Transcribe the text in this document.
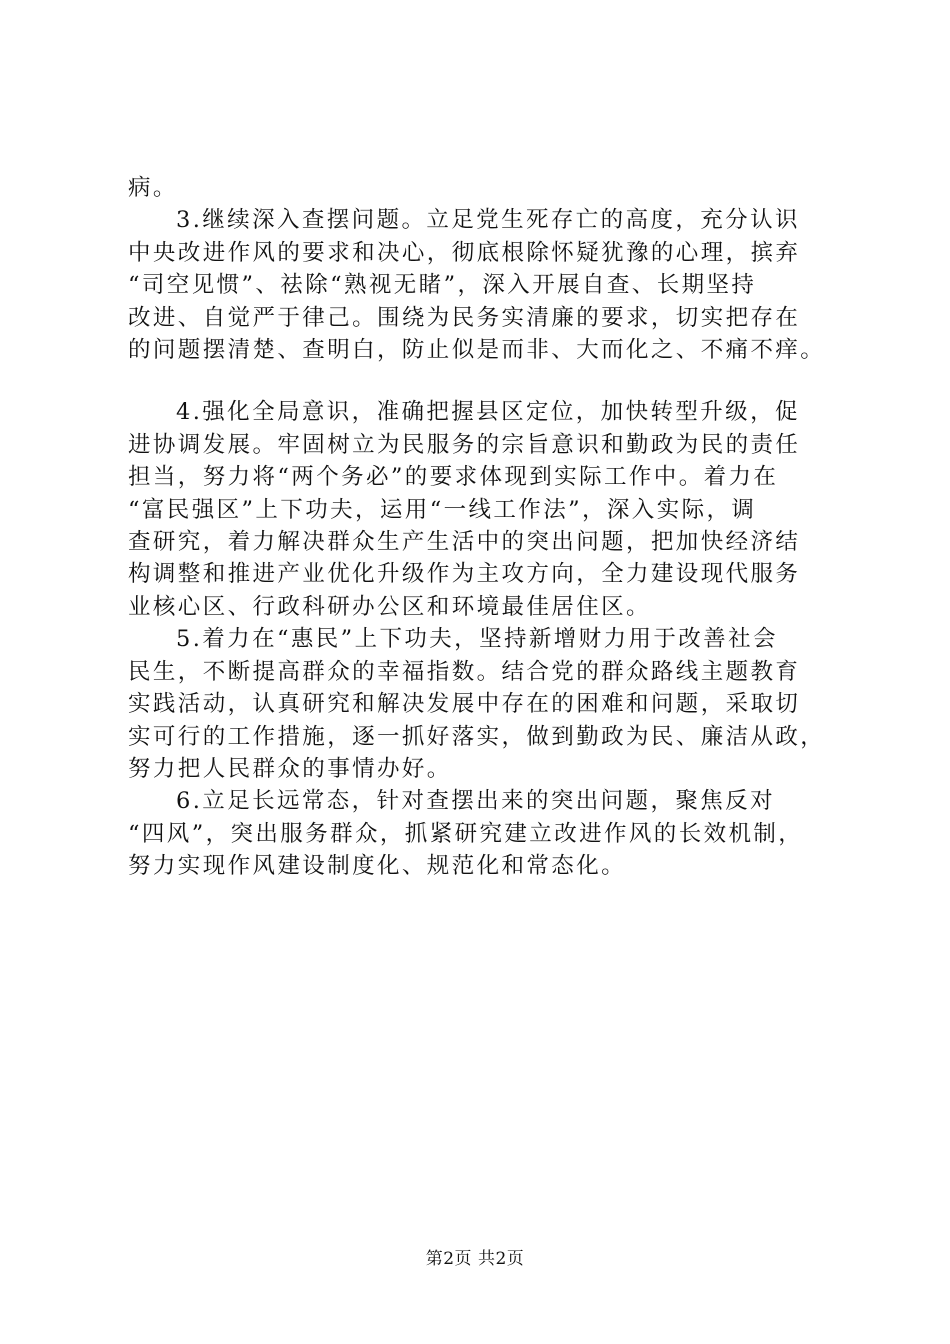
病。

3.继续深入查摆问题。立足党生死存亡的高度，充分认识
中央改进作风的要求和决心，彻底根除怀疑犹豫的心理，摈弃
“司空见惯”、祛除“熟视无睹”，深入开展自查、长期坚持
改进、自觉严于律己。围绕为民务实清廉的要求，切实把存在
的问题摆清楚、查明白，防止似是而非、大而化之、不痛不痒。

4.强化全局意识，准确把握县区定位，加快转型升级，促
进协调发展。牢固树立为民服务的宗旨意识和勤政为民的责任
担当，努力将“两个务必”的要求体现到实际工作中。着力在
“富民强区”上下功夫，运用“一线工作法”，深入实际，调
查研究，着力解决群众生产生活中的突出问题，把加快经济结
构调整和推进产业优化升级作为主攻方向，全力建设现代服务
业核心区、行政科研办公区和环境最佳居住区。

5.着力在“惠民”上下功夫，坚持新增财力用于改善社会
民生，不断提高群众的幸福指数。结合党的群众路线主题教育
实践活动，认真研究和解决发展中存在的困难和问题，采取切
实可行的工作措施，逐一抓好落实，做到勤政为民、廉洁从政，
努力把人民群众的事情办好。

6.立足长远常态，针对查摆出来的突出问题，聚焦反对
“四风”，突出服务群众，抓紧研究建立改进作风的长效机制，
努力实现作风建设制度化、规范化和常态化。

第2页 共2页
